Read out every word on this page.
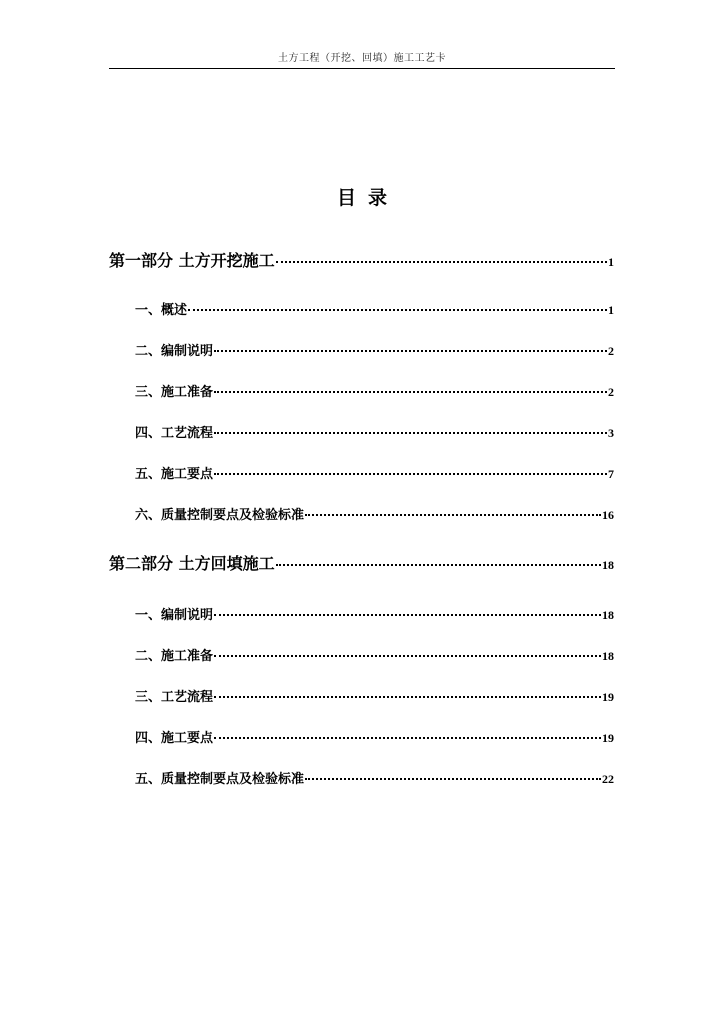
土方工程（开挖、回填）施工工艺卡
目录
第一部分 土方开挖施工	1
一、概述	1
二、编制说明	2
三、施工准备	2
四、工艺流程	3
五、施工要点	7
六、质量控制要点及检验标准	16
第二部分 土方回填施工	18
一、编制说明	18
二、施工准备	18
三、工艺流程	19
四、施工要点	19
五、质量控制要点及检验标准	22
